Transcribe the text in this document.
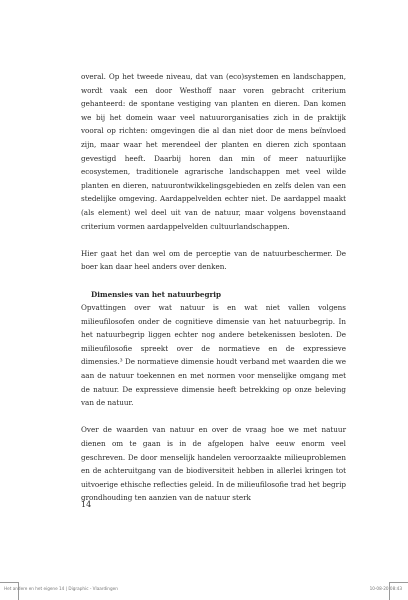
overal. Op het tweede niveau, dat van (eco)systemen en landschappen, wordt vaak een door Westhoff naar voren gebracht criterium gehanteerd: de spontane vestiging van planten en dieren. Dan komen we bij het domein waar veel natuurorganisaties zich in de praktijk vooral op richten: omgevingen die al dan niet door de mens beïnvloed zijn, maar waar het merendeel der planten en dieren zich spontaan gevestigd heeft. Daarbij horen dan min of meer natuurlijke ecosystemen, traditionele agrarische landschappen met veel wilde planten en dieren, natuurontwikkelingsgebieden en zelfs delen van een stedelijke omgeving. Aardappelvelden echter niet. De aardappel maakt (als element) wel deel uit van de natuur, maar volgens bovenstaand criterium vormen aardappelvelden cultuurlandschappen.

Hier gaat het dan wel om de perceptie van de natuurbeschermer. De boer kan daar heel anders over denken.

Dimensies van het natuurbegrip

Opvattingen over wat natuur is en wat niet vallen volgens milieufilosofen onder de cognitieve dimensie van het natuurbegrip. In het natuurbegrip liggen echter nog andere betekenissen besloten. De milieufilosofie spreekt over de normatieve en de expressieve dimensies.³ De normatieve dimensie houdt verband met waarden die we aan de natuur toekennen en met normen voor menselijke omgang met de natuur. De expressieve dimensie heeft betrekking op onze beleving van de natuur.

Over de waarden van natuur en over de vraag hoe we met natuur dienen om te gaan is in de afgelopen halve eeuw enorm veel geschreven. De door menselijk handelen veroorzaakte milieuproblemen en de achteruitgang van de biodiversiteit hebben in allerlei kringen tot uitvoerige ethische reflecties geleid. In de milieufilosofie trad het begrip grondhouding ten aanzien van de natuur sterk

14
Het andere en het eigene 14 | Digraphic - Vlaardingen	10-08-20 08:43
